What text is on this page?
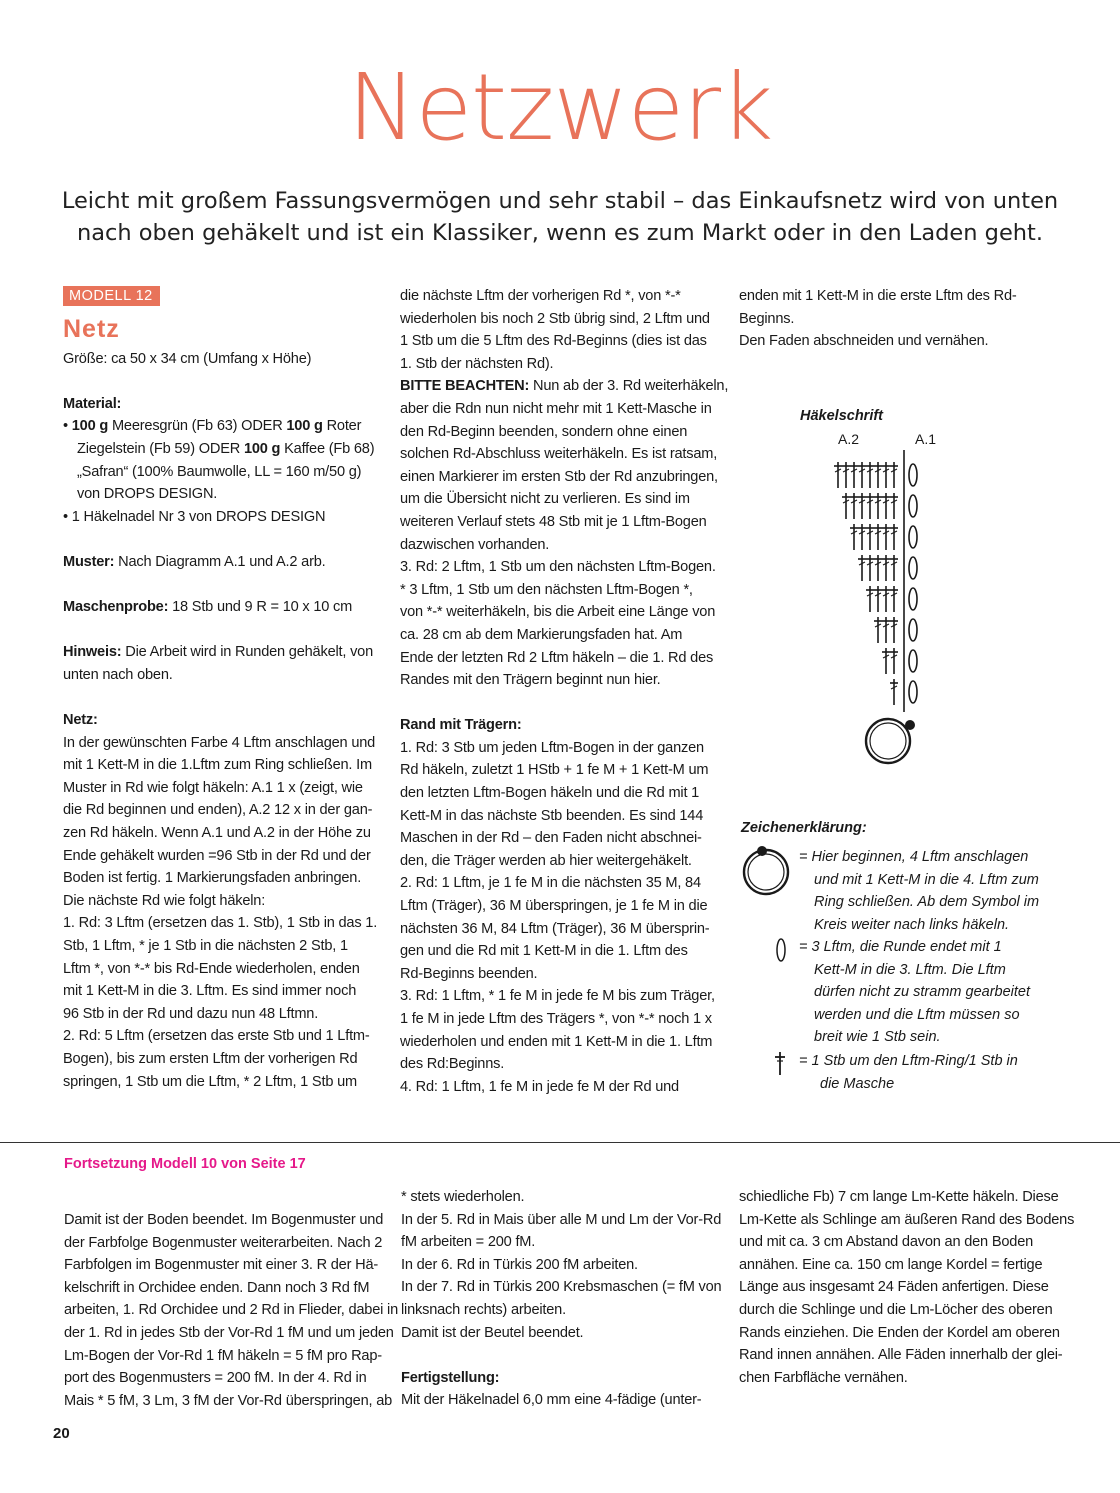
Netzwerk
Leicht mit großem Fassungsvermögen und sehr stabil – das Einkaufsnetz wird von unten
nach oben gehäkelt und ist ein Klassiker, wenn es zum Markt oder in den Laden geht.
MODELL 12
Netz
Größe: ca 50 x 34 cm (Umfang x Höhe)
Material:
• 100 g Meeresgrün (Fb 63) ODER 100 g Roter
Ziegelstein (Fb 59) ODER 100 g Kaffee (Fb 68)
„Safran“ (100% Baumwolle, LL = 160 m/50 g)
von DROPS DESIGN.
• 1 Häkelnadel Nr 3 von DROPS DESIGN
Muster: Nach Diagramm A.1 und A.2 arb.
Maschenprobe: 18 Stb und 9 R = 10 x 10 cm
Hinweis: Die Arbeit wird in Runden gehäkelt, von
unten nach oben.
Netz:
In der gewünschten Farbe 4 Lftm anschlagen und
mit 1 Kett-M in die 1.Lftm zum Ring schließen. Im
Muster in Rd wie folgt häkeln: A.1 1 x (zeigt, wie
die Rd beginnen und enden), A.2 12 x in der gan-
zen Rd häkeln. Wenn A.1 und A.2 in der Höhe zu
Ende gehäkelt wurden =96 Stb in der Rd und der
Boden ist fertig. 1 Markierungsfaden anbringen.
Die nächste Rd wie folgt häkeln:
1. Rd: 3 Lftm (ersetzen das 1. Stb), 1 Stb in das 1.
Stb, 1 Lftm, * je 1 Stb in die nächsten 2 Stb, 1
Lftm *, von *-* bis Rd-Ende wiederholen, enden
mit 1 Kett-M in die 3. Lftm. Es sind immer noch
96 Stb in der Rd und dazu nun 48 Lftmn.
2. Rd: 5 Lftm (ersetzen das erste Stb und 1 Lftm-
Bogen), bis zum ersten Lftm der vorherigen Rd
springen, 1 Stb um die Lftm, * 2 Lftm, 1 Stb um
die nächste Lftm der vorherigen Rd *, von *-*
wiederholen bis noch 2 Stb übrig sind, 2 Lftm und
1 Stb um die 5 Lftm des Rd-Beginns (dies ist das
1. Stb der nächsten Rd).
BITTE BEACHTEN: Nun ab der 3. Rd weiterhäkeln,
aber die Rdn nun nicht mehr mit 1 Kett-Masche in
den Rd-Beginn beenden, sondern ohne einen
solchen Rd-Abschluss weiterhäkeln. Es ist ratsam,
einen Markierer im ersten Stb der Rd anzubringen,
um die Übersicht nicht zu verlieren. Es sind im
weiteren Verlauf stets 48 Stb mit je 1 Lftm-Bogen
dazwischen vorhanden.
3. Rd: 2 Lftm, 1 Stb um den nächsten Lftm-Bogen.
* 3 Lftm, 1 Stb um den nächsten Lftm-Bogen *,
von *-* weiterhäkeln, bis die Arbeit eine Länge von
ca. 28 cm ab dem Markierungsfaden hat. Am
Ende der letzten Rd 2 Lftm häkeln – die 1. Rd des
Randes mit den Trägern beginnt nun hier.
Rand mit Trägern:
1. Rd: 3 Stb um jeden Lftm-Bogen in der ganzen
Rd häkeln, zuletzt 1 HStb + 1 fe M + 1 Kett-M um
den letzten Lftm-Bogen häkeln und die Rd mit 1
Kett-M in das nächste Stb beenden. Es sind 144
Maschen in der Rd – den Faden nicht abschnei-
den, die Träger werden ab hier weitergehäkelt.
2. Rd: 1 Lftm, je 1 fe M in die nächsten 35 M, 84
Lftm (Träger), 36 M überspringen, je 1 fe M in die
nächsten 36 M, 84 Lftm (Träger), 36 M übersprin-
gen und die Rd mit 1 Kett-M in die 1. Lftm des
Rd-Beginns beenden.
3. Rd: 1 Lftm, * 1 fe M in jede fe M bis zum Träger,
1 fe M in jede Lftm des Trägers *, von *-* noch 1 x
wiederholen und enden mit 1 Kett-M in die 1. Lftm
des Rd:Beginns.
4. Rd: 1 Lftm, 1 fe M in jede fe M der Rd und
enden mit 1 Kett-M in die erste Lftm des Rd-
Beginns.
Den Faden abschneiden und vernähen.
Häkelschrift
A.2	A.1
Zeichenerklärung:
= Hier beginnen, 4 Lftm anschlagen
und mit 1 Kett-M in die 4. Lftm zum
Ring schließen. Ab dem Symbol im
Kreis weiter nach links häkeln.
= 3 Lftm, die Runde endet mit 1
Kett-M in die 3. Lftm. Die Lftm
dürfen nicht zu stramm gearbeitet
werden und die Lftm müssen so
breit wie 1 Stb sein.
= 1 Stb um den Lftm-Ring/1 Stb in
die Masche
Fortsetzung Modell 10 von Seite 17
Damit ist der Boden beendet. Im Bogenmuster und
der Farbfolge Bogenmuster weiterarbeiten. Nach 2
Farbfolgen im Bogenmuster mit einer 3. R der Hä-
kelschrift in Orchidee enden. Dann noch 3 Rd fM
arbeiten, 1. Rd Orchidee und 2 Rd in Flieder, dabei in
der 1. Rd in jedes Stb der Vor-Rd 1 fM und um jeden
Lm-Bogen der Vor-Rd 1 fM häkeln = 5 fM pro Rap-
port des Bogenmusters = 200 fM. In der 4. Rd in
Mais * 5 fM, 3 Lm, 3 fM der Vor-Rd überspringen, ab
* stets wiederholen.
In der 5. Rd in Mais über alle M und Lm der Vor-Rd
fM arbeiten = 200 fM.
In der 6. Rd in Türkis 200 fM arbeiten.
In der 7. Rd in Türkis 200 Krebsmaschen (= fM von
linksnach rechts) arbeiten.
Damit ist der Beutel beendet.
Fertigstellung:
Mit der Häkelnadel 6,0 mm eine 4-fädige (unter-
schiedliche Fb) 7 cm lange Lm-Kette häkeln. Diese
Lm-Kette als Schlinge am äußeren Rand des Bodens
und mit ca. 3 cm Abstand davon an den Boden
annähen. Eine ca. 150 cm lange Kordel = fertige
Länge aus insgesamt 24 Fäden anfertigen. Diese
durch die Schlinge und die Lm-Löcher des oberen
Rands einziehen. Die Enden der Kordel am oberen
Rand innen annähen. Alle Fäden innerhalb der glei-
chen Farbfläche vernähen.
20
